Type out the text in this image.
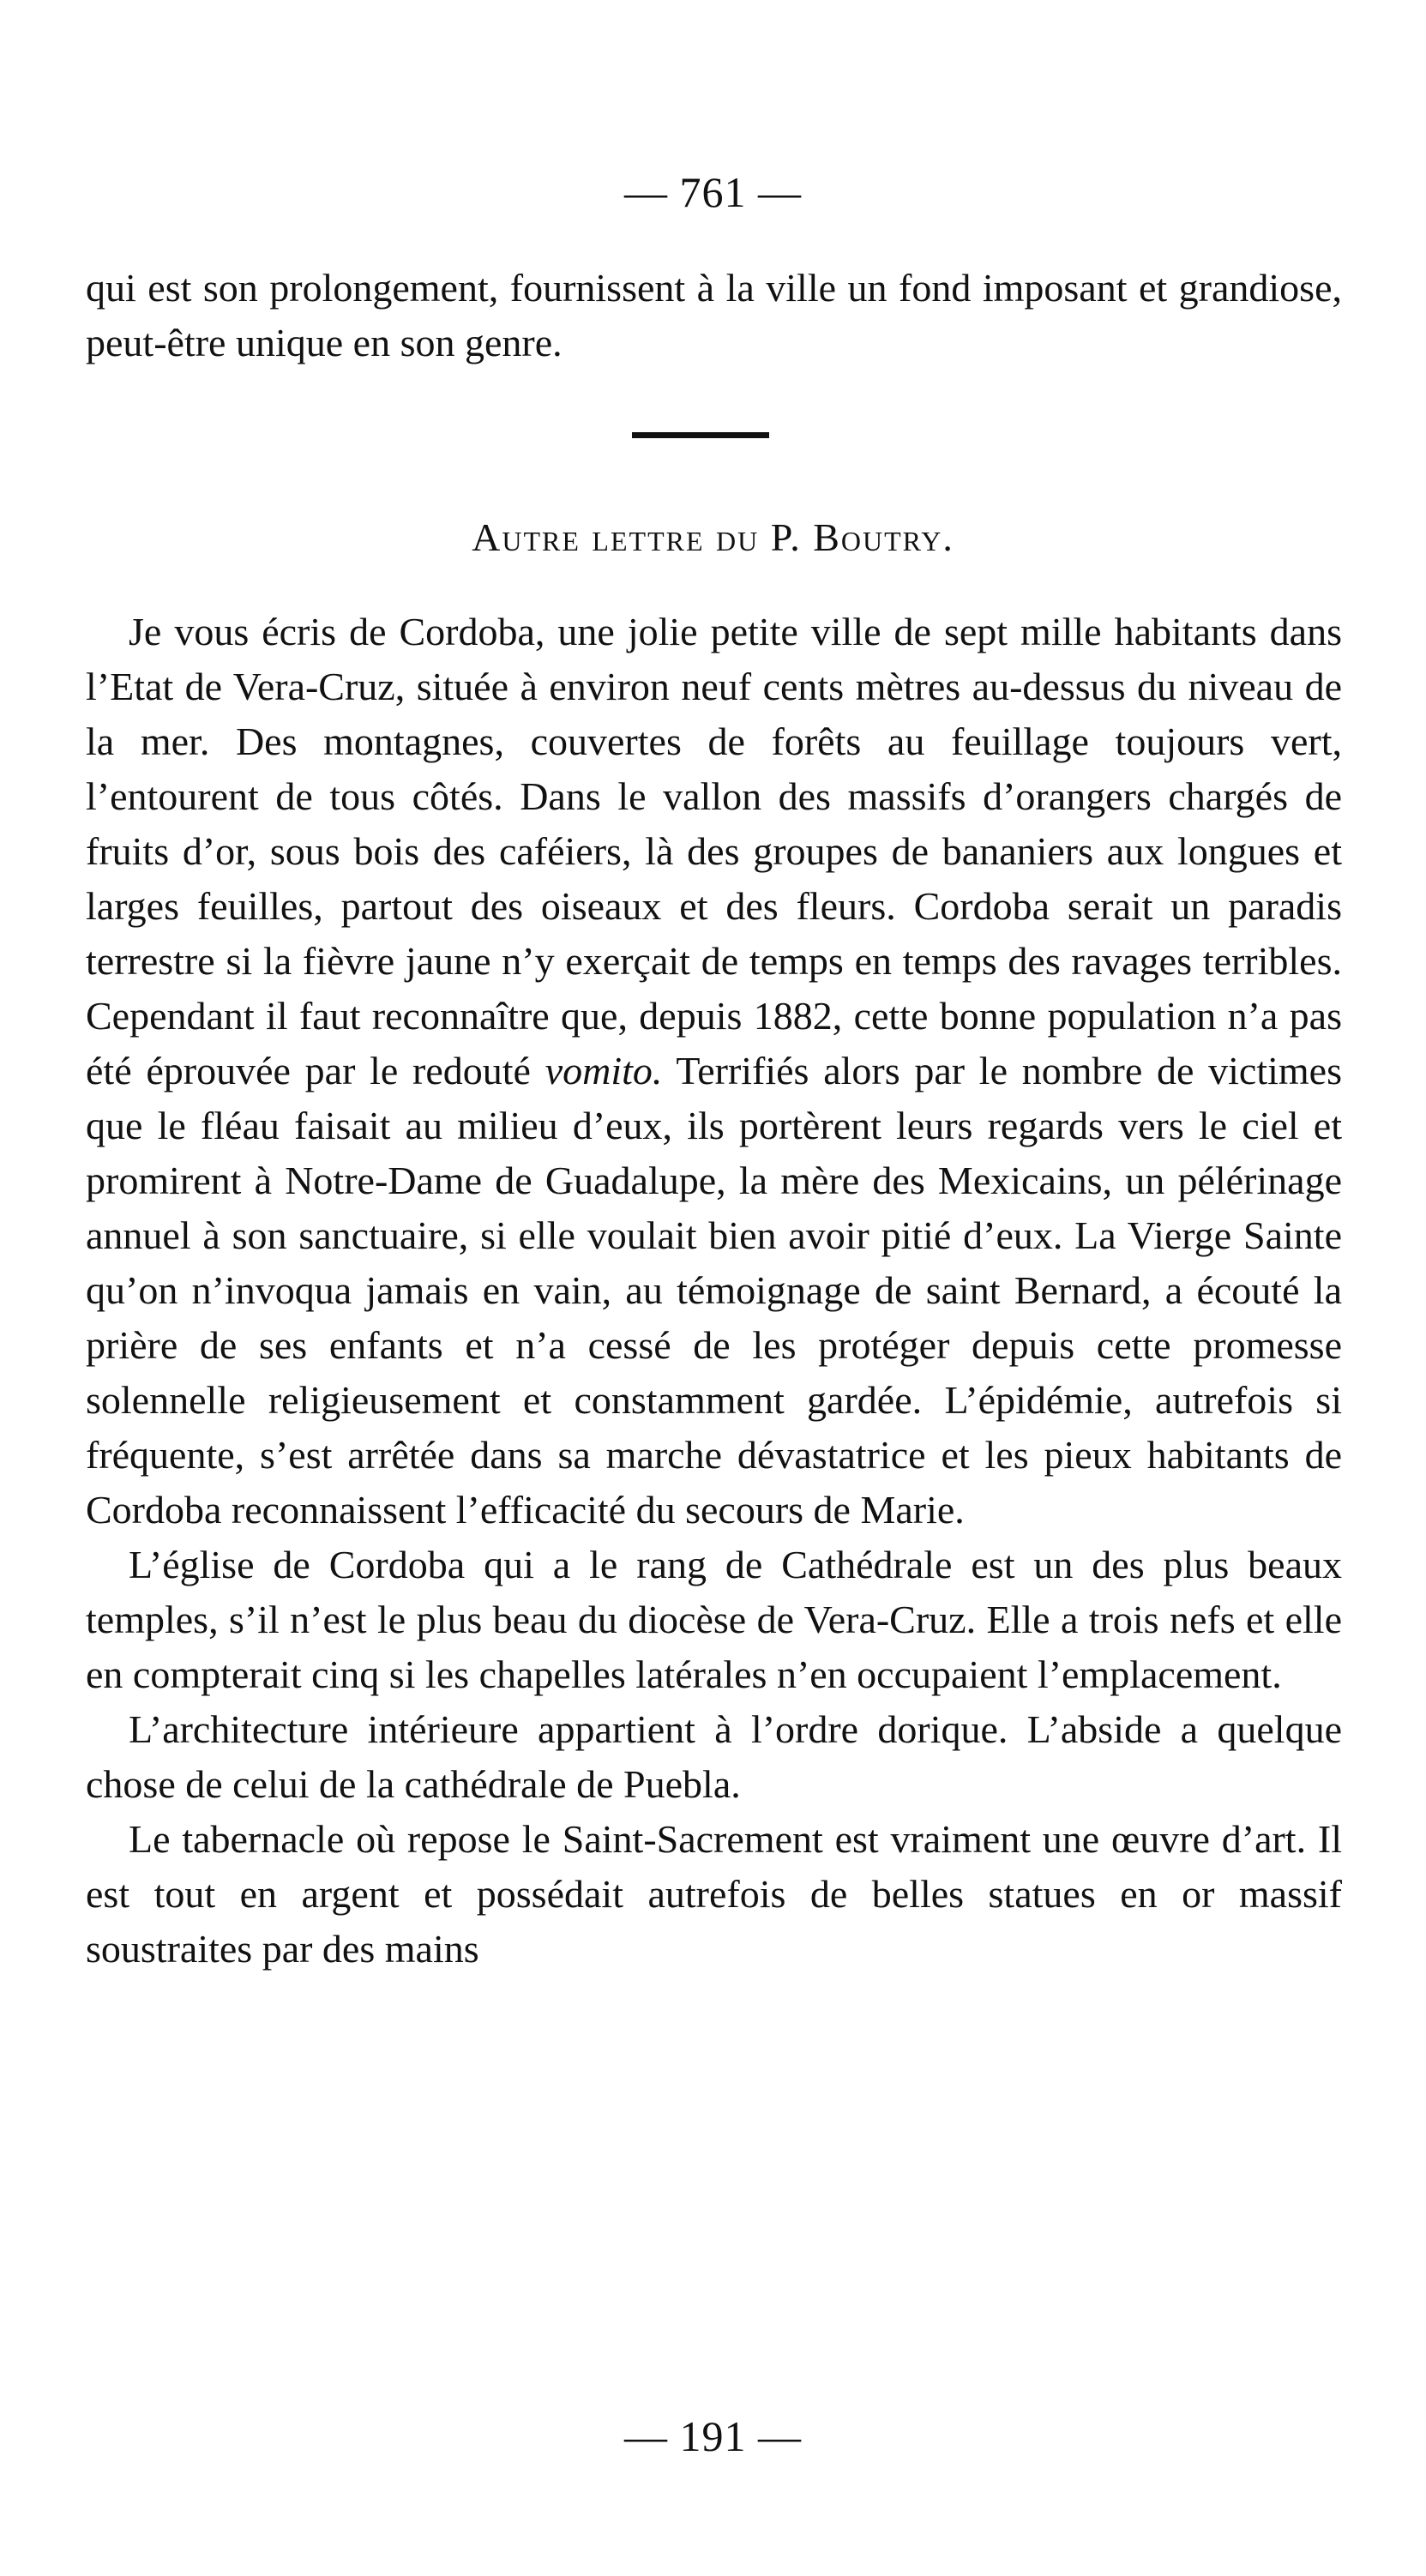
— 761 —

qui est son prolongement, fournissent à la ville un fond imposant et grandiose, peut-être unique en son genre.

Autre lettre du P. Boutry.

Je vous écris de Cordoba, une jolie petite ville de sept mille habitants dans l’Etat de Vera-Cruz, située à environ neuf cents mètres au-dessus du niveau de la mer. Des montagnes, couvertes de forêts au feuillage toujours vert, l’entourent de tous côtés. Dans le vallon des massifs d’orangers chargés de fruits d’or, sous bois des caféiers, là des groupes de bananiers aux longues et larges feuilles, partout des oiseaux et des fleurs. Cordoba serait un paradis terrestre si la fièvre jaune n’y exerçait de temps en temps des ravages terribles. Cependant il faut reconnaître que, depuis 1882, cette bonne population n’a pas été éprouvée par le redouté vomito. Terrifiés alors par le nombre de victimes que le fléau faisait au milieu d’eux, ils portèrent leurs regards vers le ciel et promirent à Notre-Dame de Guadalupe, la mère des Mexicains, un pélérinage annuel à son sanctuaire, si elle voulait bien avoir pitié d’eux. La Vierge Sainte qu’on n’invoqua jamais en vain, au témoignage de saint Bernard, a écouté la prière de ses enfants et n’a cessé de les protéger depuis cette promesse solennelle religieusement et constamment gardée. L’épidémie, autrefois si fréquente, s’est arrêtée dans sa marche dévastatrice et les pieux habitants de Cordoba reconnaissent l’efficacité du secours de Marie.

L’église de Cordoba qui a le rang de Cathédrale est un des plus beaux temples, s’il n’est le plus beau du diocèse de Vera-Cruz. Elle a trois nefs et elle en compterait cinq si les chapelles latérales n’en occupaient l’emplacement.

L’architecture intérieure appartient à l’ordre dorique. L’abside a quelque chose de celui de la cathédrale de Puebla.

Le tabernacle où repose le Saint-Sacrement est vraiment une œuvre d’art. Il est tout en argent et possédait autrefois de belles statues en or massif soustraites par des mains

— 191 —
